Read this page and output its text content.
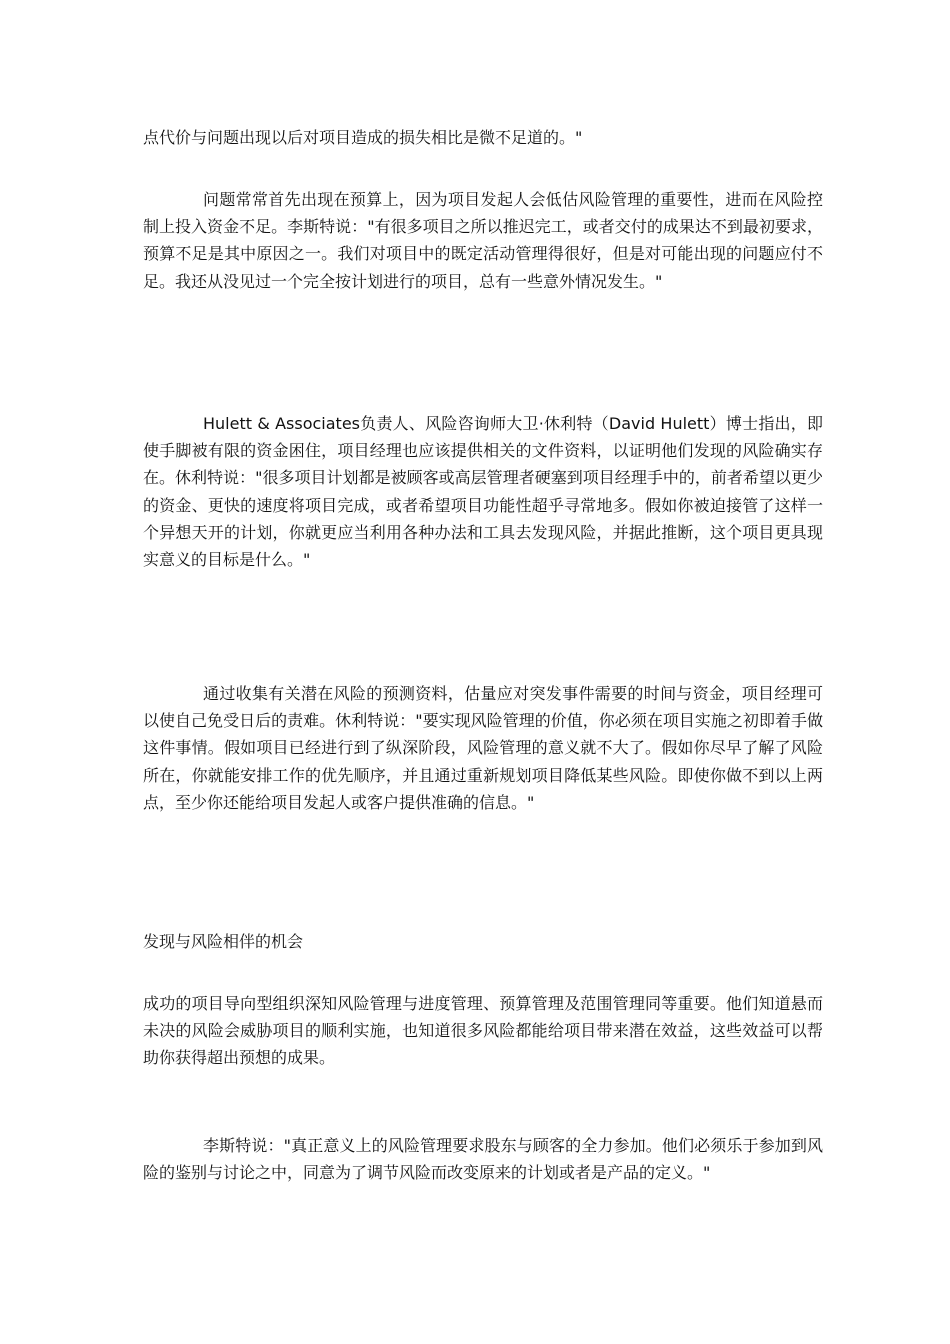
点代价与问题出现以后对项目造成的损失相比是微不足道的。"

问题常常首先出现在预算上，因为项目发起人会低估风险管理的重要性，进而在风险控制上投入资金不足。李斯特说："有很多项目之所以推迟完工，或者交付的成果达不到最初要求，预算不足是其中原因之一。我们对项目中的既定活动管理得很好，但是对可能出现的问题应付不足。我还从没见过一个完全按计划进行的项目，总有一些意外情况发生。"

Hulett & Associates负责人、风险咨询师大卫·休利特（David Hulett）博士指出，即使手脚被有限的资金困住，项目经理也应该提供相关的文件资料，以证明他们发现的风险确实存在。休利特说："很多项目计划都是被顾客或高层管理者硬塞到项目经理手中的，前者希望以更少的资金、更快的速度将项目完成，或者希望项目功能性超乎寻常地多。假如你被迫接管了这样一个异想天开的计划，你就更应当利用各种办法和工具去发现风险，并据此推断，这个项目更具现实意义的目标是什么。"

通过收集有关潜在风险的预测资料，估量应对突发事件需要的时间与资金，项目经理可以使自己免受日后的责难。休利特说："要实现风险管理的价值，你必须在项目实施之初即着手做这件事情。假如项目已经进行到了纵深阶段，风险管理的意义就不大了。假如你尽早了解了风险所在，你就能安排工作的优先顺序，并且通过重新规划项目降低某些风险。即使你做不到以上两点，至少你还能给项目发起人或客户提供准确的信息。"

发现与风险相伴的机会

成功的项目导向型组织深知风险管理与进度管理、预算管理及范围管理同等重要。他们知道悬而未决的风险会威胁项目的顺利实施，也知道很多风险都能给项目带来潜在效益，这些效益可以帮助你获得超出预想的成果。

李斯特说："真正意义上的风险管理要求股东与顾客的全力参加。他们必须乐于参加到风险的鉴别与讨论之中，同意为了调节风险而改变原来的计划或者是产品的定义。"
